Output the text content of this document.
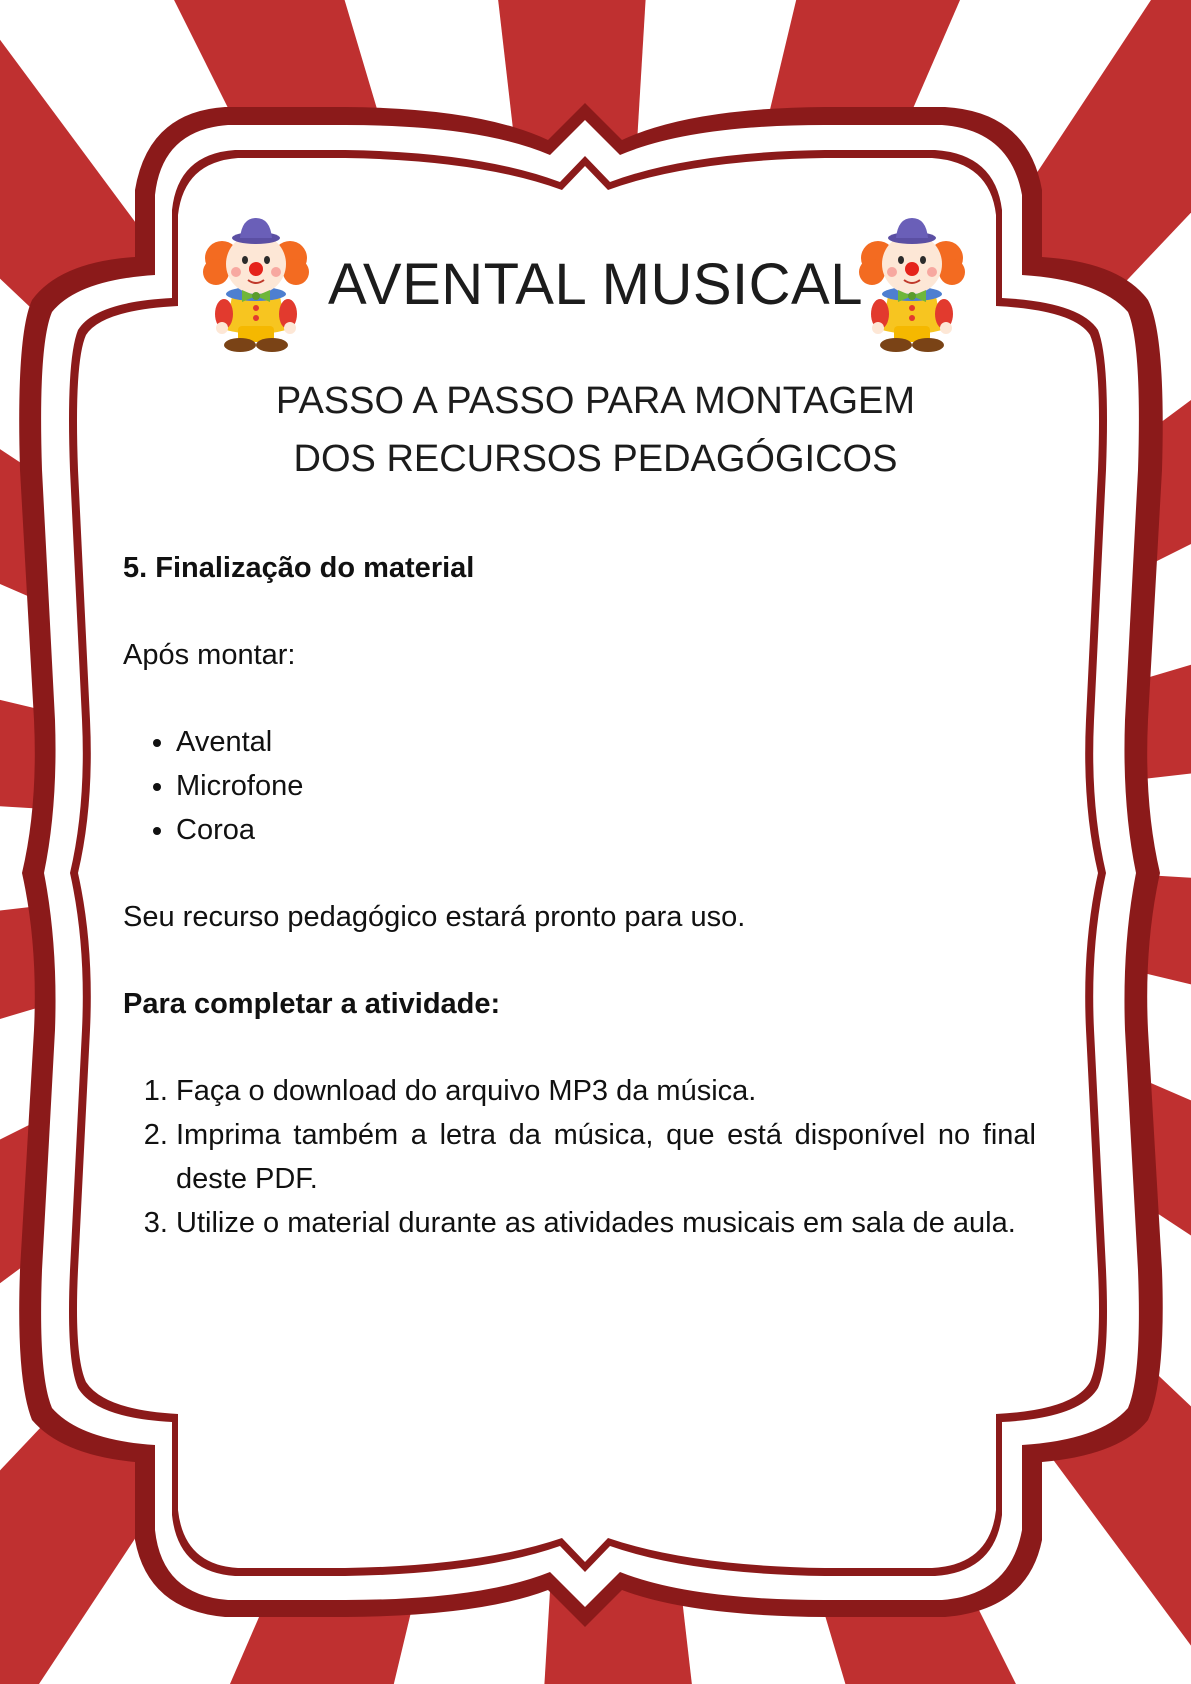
AVENTAL MUSICAL
PASSO A PASSO PARA MONTAGEM
DOS RECURSOS PEDAGÓGICOS

5. Finalização do material

Após montar:

• Avental
• Microfone
• Coroa

Seu recurso pedagógico estará pronto para uso.

Para completar a atividade:

1. Faça o download do arquivo MP3 da música.
2. Imprima também a letra da música, que está disponível no final deste PDF.
3. Utilize o material durante as atividades musicais em sala de aula.
